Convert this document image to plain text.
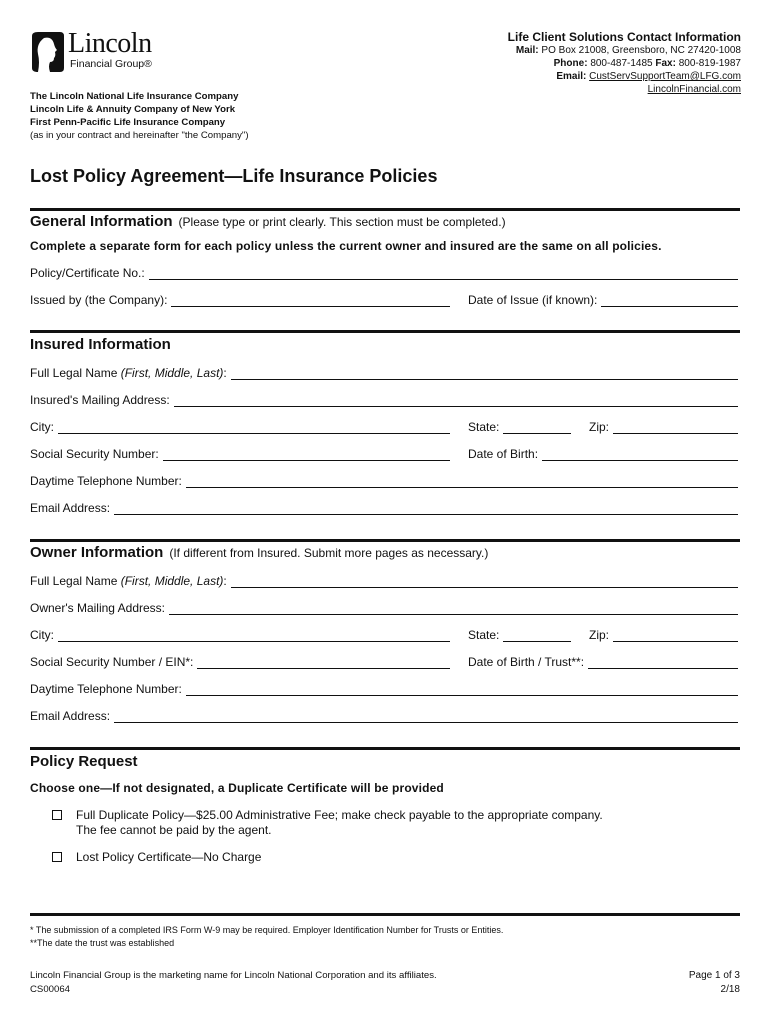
Lincoln
Financial Group®
Life Client Solutions Contact Information
Mail: PO Box 21008, Greensboro, NC 27420-1008
Phone: 800-487-1485 Fax: 800-819-1987
Email: CustServSupportTeam@LFG.com
LincolnFinancial.com
The Lincoln National Life Insurance Company
Lincoln Life & Annuity Company of New York
First Penn-Pacific Life Insurance Company
(as in your contract and hereinafter "the Company")
Lost Policy Agreement—Life Insurance Policies
General Information (Please type or print clearly. This section must be completed.)
Complete a separate form for each policy unless the current owner and insured are the same on all policies.
Policy/Certificate No.:
Issued by (the Company):	Date of Issue (if known):
Insured Information
Full Legal Name (First, Middle, Last):
Insured's Mailing Address:
City:	State:	Zip:
Social Security Number:	Date of Birth:
Daytime Telephone Number:
Email Address:
Owner Information (If different from Insured. Submit more pages as necessary.)
Full Legal Name (First, Middle, Last):
Owner's Mailing Address:
City:	State:	Zip:
Social Security Number / EIN*:	Date of Birth / Trust**:
Daytime Telephone Number:
Email Address:
Policy Request
Choose one—If not designated, a Duplicate Certificate will be provided
Full Duplicate Policy—$25.00 Administrative Fee; make check payable to the appropriate company.
The fee cannot be paid by the agent.
Lost Policy Certificate—No Charge
* The submission of a completed IRS Form W-9 may be required. Employer Identification Number for Trusts or Entities.
**The date the trust was established
Lincoln Financial Group is the marketing name for Lincoln National Corporation and its affiliates.
CS00064
Page 1 of 3
2/18
